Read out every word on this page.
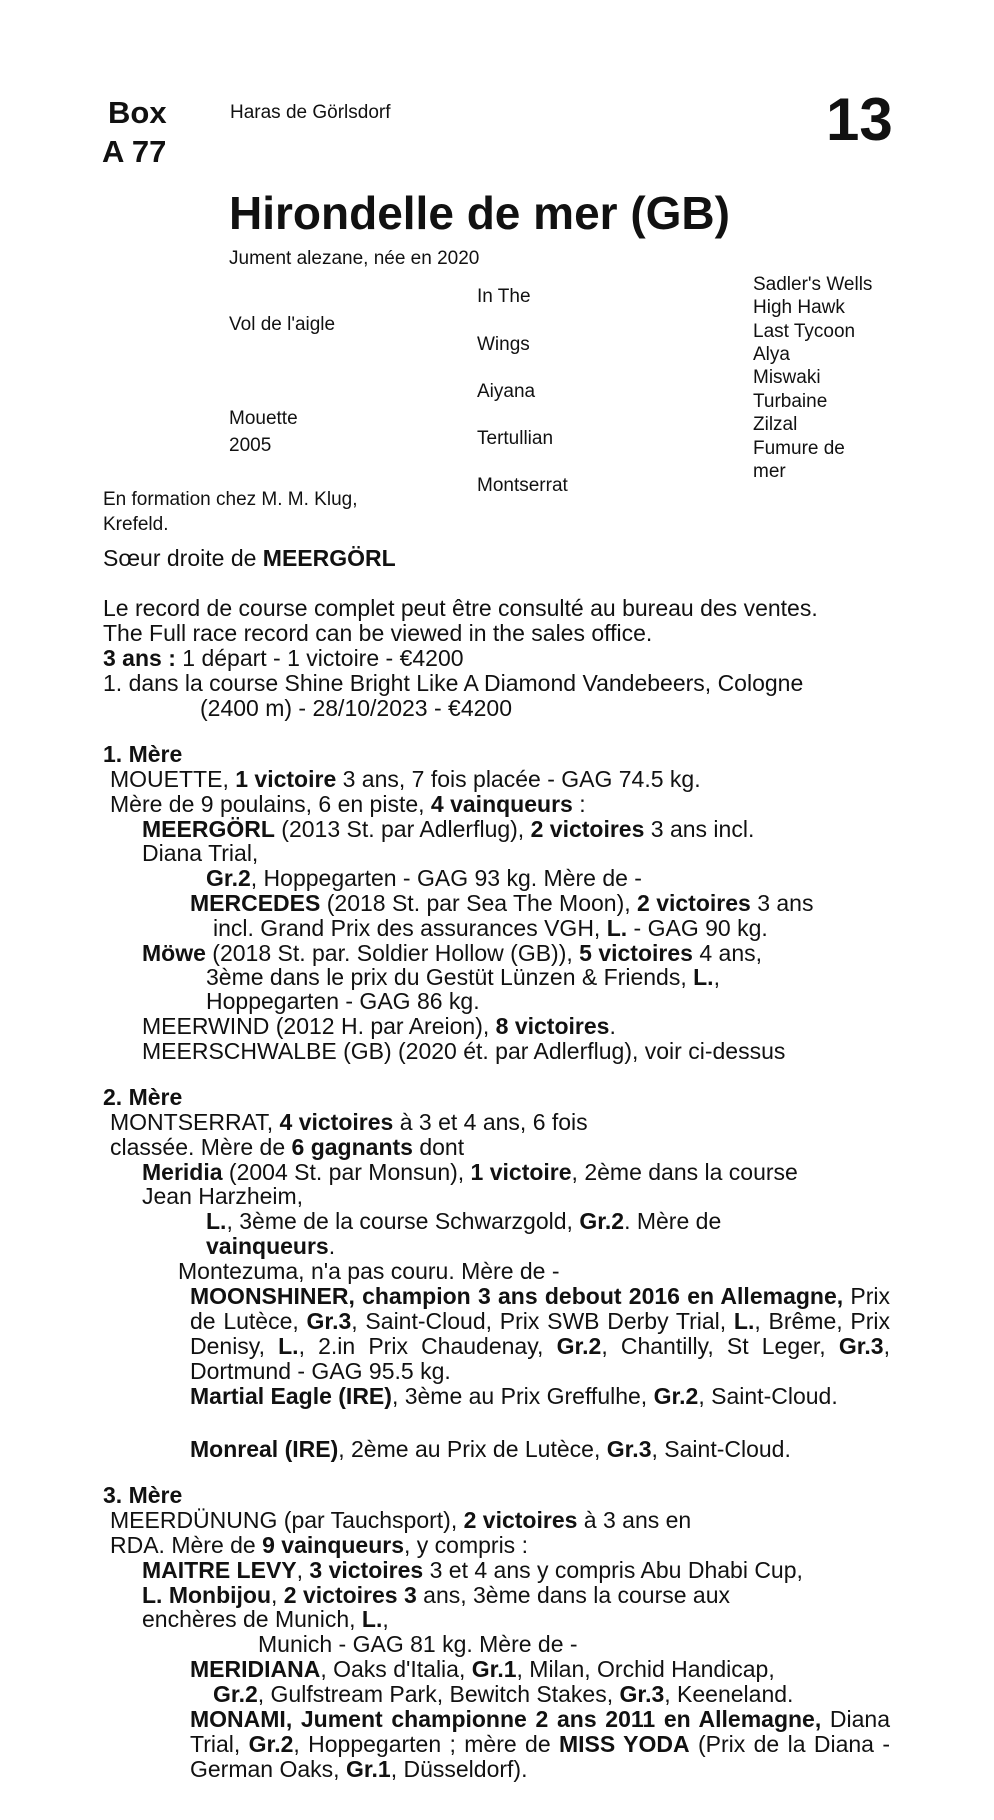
Box
A 77
Haras de Görlsdorf	13
Hirondelle de mer (GB)
Jument alezane, née en 2020
Vol de l'aigle
Mouette
2005
In The
Wings
Aiyana
Tertullian
Montserrat
Sadler's Wells
High Hawk
Last Tycoon
Alya
Miswaki
Turbaine
Zilzal
Fumure de
mer
En formation chez M. M. Klug,
Krefeld.
Sœur droite de MEERGÖRL
Le record de course complet peut être consulté au bureau des ventes.
The Full race record can be viewed in the sales office.
3 ans : 1 départ - 1 victoire - €4200
1. dans la course Shine Bright Like A Diamond Vandebeers, Cologne
(2400 m) - 28/10/2023 - €4200
1. Mère
MOUETTE, 1 victoire 3 ans, 7 fois placée - GAG 74.5 kg.
Mère de 9 poulains, 6 en piste, 4 vainqueurs :
MEERGÖRL (2013 St. par Adlerflug), 2 victoires 3 ans incl.
Diana Trial,
Gr.2, Hoppegarten - GAG 93 kg. Mère de -
MERCEDES (2018 St. par Sea The Moon), 2 victoires 3 ans
incl. Grand Prix des assurances VGH, L. - GAG 90 kg.
Möwe (2018 St. par. Soldier Hollow (GB)), 5 victoires 4 ans,
3ème dans le prix du Gestüt Lünzen & Friends, L.,
Hoppegarten - GAG 86 kg.
MEERWIND (2012 H. par Areion), 8 victoires.
MEERSCHWALBE (GB) (2020 ét. par Adlerflug), voir ci-dessus
2. Mère
MONTSERRAT, 4 victoires à 3 et 4 ans, 6 fois
classée. Mère de 6 gagnants dont
Meridia (2004 St. par Monsun), 1 victoire, 2ème dans la course
Jean Harzheim,
L., 3ème de la course Schwarzgold, Gr.2. Mère de
vainqueurs.
Montezuma, n'a pas couru. Mère de -
MOONSHINER, champion 3 ans debout 2016 en Allemagne, Prix de Lutèce, Gr.3, Saint-Cloud, Prix SWB Derby Trial, L., Brême, Prix Denisy, L., 2.in Prix Chaudenay, Gr.2, Chantilly, St Leger, Gr.3, Dortmund - GAG 95.5 kg.
Martial Eagle (IRE), 3ème au Prix Greffulhe, Gr.2, Saint-Cloud.
Monreal (IRE), 2ème au Prix de Lutèce, Gr.3, Saint-Cloud.
3. Mère
MEERDÜNUNG (par Tauchsport), 2 victoires à 3 ans en
RDA. Mère de 9 vainqueurs, y compris :
MAITRE LEVY, 3 victoires 3 et 4 ans y compris Abu Dhabi Cup,
L. Monbijou, 2 victoires 3 ans, 3ème dans la course aux
enchères de Munich, L.,
Munich - GAG 81 kg. Mère de -
MERIDIANA, Oaks d'Italia, Gr.1, Milan, Orchid Handicap,
Gr.2, Gulfstream Park, Bewitch Stakes, Gr.3, Keeneland.
MONAMI, Jument championne 2 ans 2011 en Allemagne, Diana Trial, Gr.2, Hoppegarten ; mère de MISS YODA (Prix de la Diana - German Oaks, Gr.1, Düsseldorf).
